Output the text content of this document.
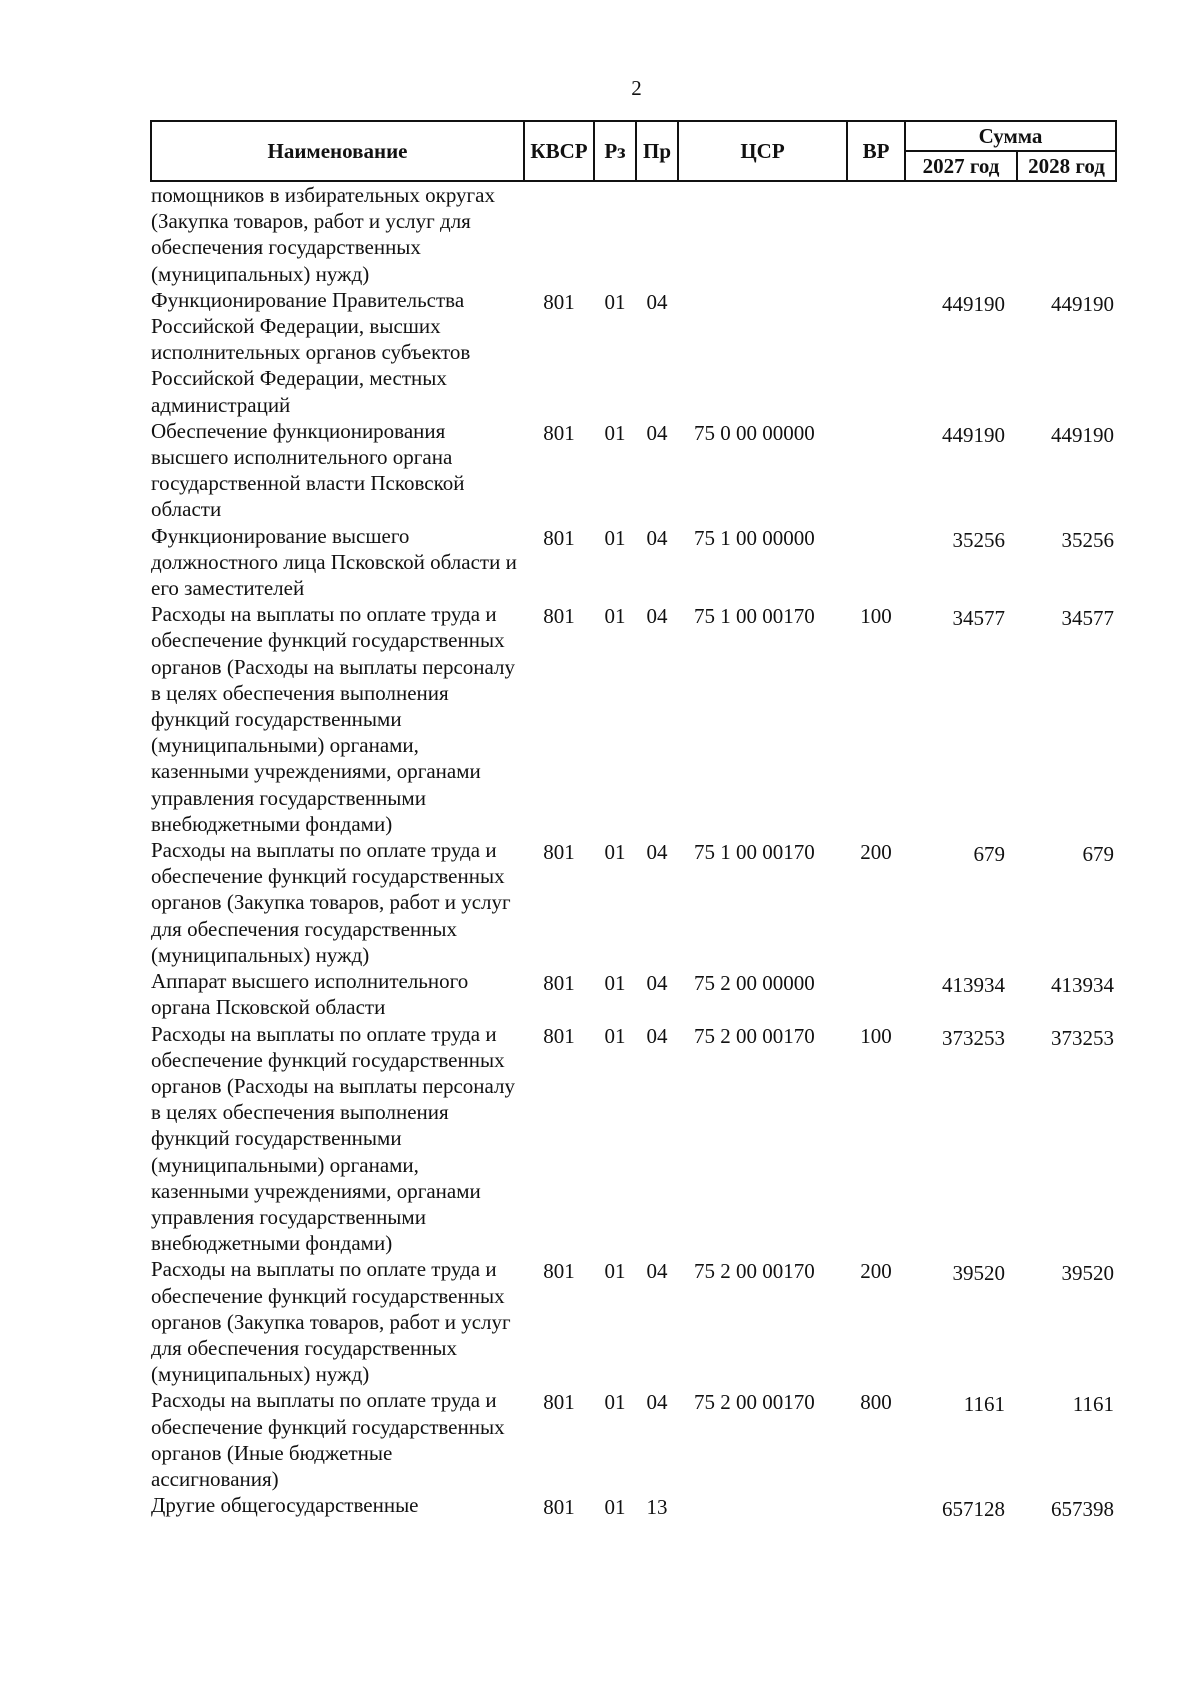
2
Наименование	КВСР	Рз	Пр	ЦСР	ВР	Сумма	
						2027 год	2028 год
помощников в избирательных округах (Закупка товаров, работ и услуг для обеспечения государственных (муниципальных) нужд)							
Функционирование Правительства Российской Федерации, высших исполнительных органов субъектов Российской Федерации, местных администраций	801	01	04			449190	449190
Обеспечение функционирования высшего исполнительного органа государственной власти Псковской области	801	01	04	75 0 00 00000		449190	449190
Функционирование высшего должностного лица Псковской области и его заместителей	801	01	04	75 1 00 00000		35256	35256
Расходы на выплаты по оплате труда и обеспечение функций государственных органов (Расходы на выплаты персоналу в целях обеспечения выполнения функций государственными (муниципальными) органами, казенными учреждениями, органами управления государственными внебюджетными фондами)	801	01	04	75 1 00 00170	100	34577	34577
Расходы на выплаты по оплате труда и обеспечение функций государственных органов (Закупка товаров, работ и услуг для обеспечения государственных (муниципальных) нужд)	801	01	04	75 1 00 00170	200	679	679
Аппарат высшего исполнительного органа Псковской области	801	01	04	75 2 00 00000		413934	413934
Расходы на выплаты по оплате труда и обеспечение функций государственных органов (Расходы на выплаты персоналу в целях обеспечения выполнения функций государственными (муниципальными) органами, казенными учреждениями, органами управления государственными внебюджетными фондами)	801	01	04	75 2 00 00170	100	373253	373253
Расходы на выплаты по оплате труда и обеспечение функций государственных органов (Закупка товаров, работ и услуг для обеспечения государственных (муниципальных) нужд)	801	01	04	75 2 00 00170	200	39520	39520
Расходы на выплаты по оплате труда и обеспечение функций государственных органов (Иные бюджетные ассигнования)	801	01	04	75 2 00 00170	800	1161	1161
Другие общегосударственные	801	01	13			657128	657398
